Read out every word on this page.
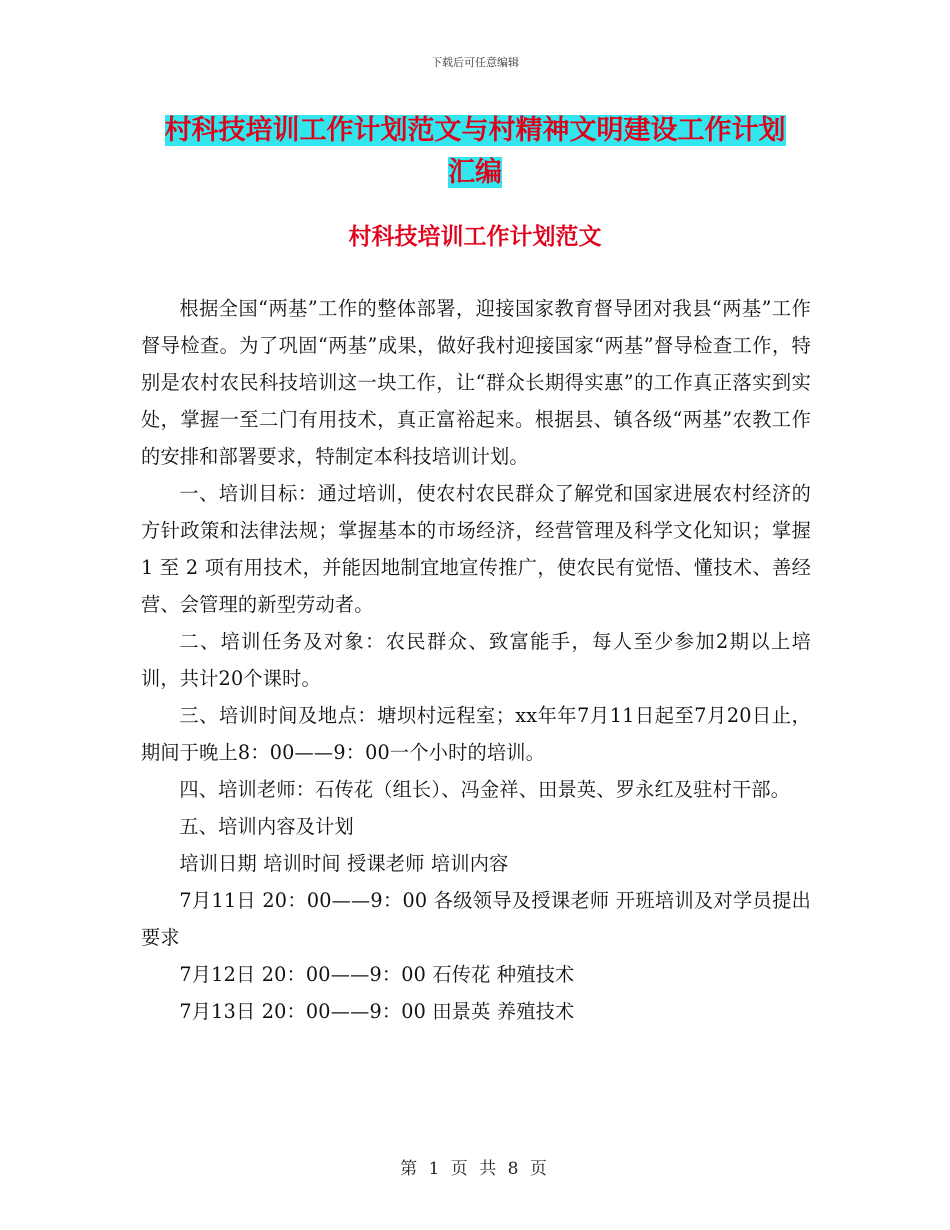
下载后可任意编辑
村科技培训工作计划范文与村精神文明建设工作计划
汇编
村科技培训工作计划范文

根据全国“两基”工作的整体部署，迎接国家教育督导团对我县“两基”工作督导检查。为了巩固“两基”成果，做好我村迎接国家“两基”督导检查工作，特别是农村农民科技培训这一块工作，让“群众长期得实惠”的工作真正落实到实处，掌握一至二门有用技术，真正富裕起来。根据县、镇各级“两基”农教工作的安排和部署要求，特制定本科技培训计划。

一、培训目标：通过培训，使农村农民群众了解党和国家进展农村经济的方针政策和法律法规；掌握基本的市场经济，经营管理及科学文化知识；掌握 1 至 2 项有用技术，并能因地制宜地宣传推广，使农民有觉悟、懂技术、善经营、会管理的新型劳动者。

二、培训任务及对象：农民群众、致富能手，每人至少参加2期以上培训，共计20个课时。

三、培训时间及地点：塘坝村远程室；xx年年7月11日起至7月20日止，期间于晚上8：00——9：00一个小时的培训。

四、培训老师：石传花（组长）、冯金祥、田景英、罗永红及驻村干部。

五、培训内容及计划

培训日期 培训时间 授课老师 培训内容

7月11日 20：00——9：00 各级领导及授课老师 开班培训及对学员提出要求

7月12日 20：00——9：00 石传花 种殖技术

7月13日 20：00——9：00 田景英 养殖技术

第 1 页 共 8 页
